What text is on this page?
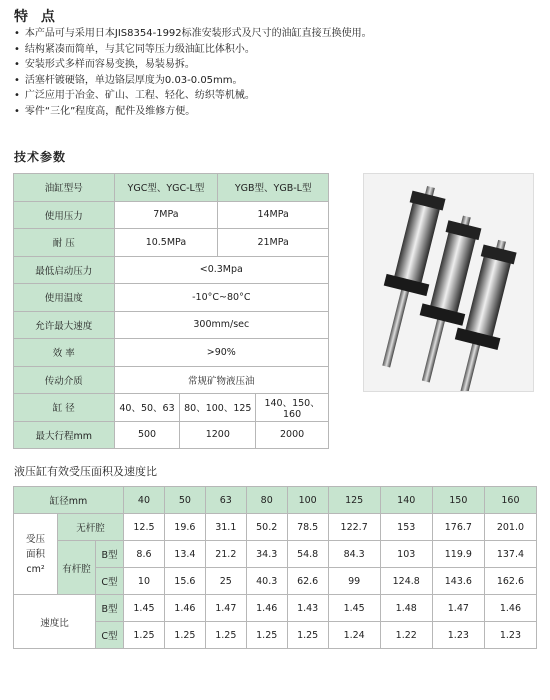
特 点
• 本产品可与采用日本JIS8354-1992标准安装形式及尺寸的油缸直接互换使用。
• 结构紧凑而简单，与其它同等压力级油缸比体积小。
• 安装形式多样而容易变换，易装易拆。
• 活塞杆镀硬铬，单边铬层厚度为0.03-0.05mm。
• 广泛应用于冶金、矿山、工程、轻化、纺织等机械。
• 零件“三化”程度高，配件及维修方便。
技术参数
油缸型号	YGC型、YGC-L型		YGB型、YGB-L型	
使用压力	7MPa		14MPa	
耐 压	10.5MPa		21MPa	
最低启动压力	<0.3Mpa			
使用温度	-10°C~80°C			
允许最大速度	300mm/sec			
效 率	>90%			
传动介质	常规矿物液压油			
缸 径	40、50、63	80、100、125		140、150、160
最大行程mm	500	1200		2000
液压缸有效受压面积及速度比
缸径mm			40	50	63	80	100	125	140	150	160

受压
面积
cm²	无杆腔		12.5	19.6	31.1	50.2	78.5	122.7	153	176.7	201.0
	有杆腔	B型	8.6	13.4	21.2	34.3	54.8	84.3	103	119.9	137.4
		C型	10	15.6	25	40.3	62.6	99	124.8	143.6	162.6
速度比		B型	1.45	1.46	1.47	1.46	1.43	1.45	1.48	1.47	1.46
		C型	1.25	1.25	1.25	1.25	1.25	1.24	1.22	1.23	1.23
